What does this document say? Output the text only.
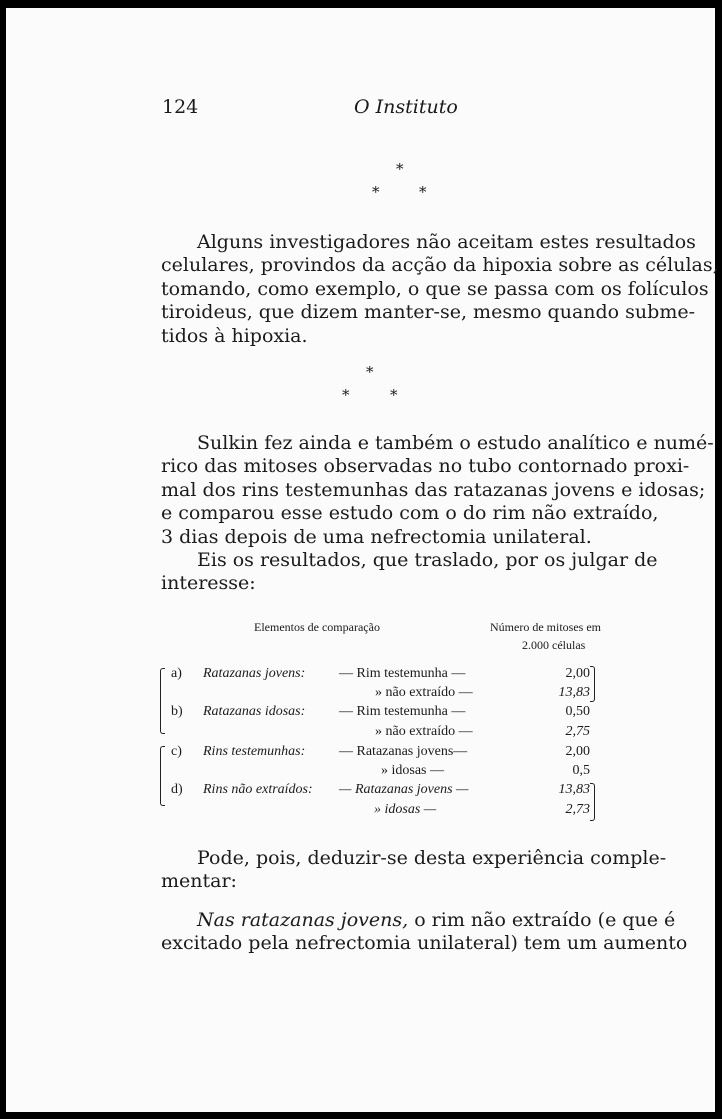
124	O Instituto
*
*	*
Alguns investigadores não aceitam estes resultados
celulares, provindos da acção da hipoxia sobre as células,
tomando, como exemplo, o que se passa com os folículos
tiroideus, que dizem manter-se, mesmo quando subme-
tidos à hipoxia.
*
*	*
Sulkin fez ainda e também o estudo analítico e numé-
rico das mitoses observadas no tubo contornado proxi-
mal dos rins testemunhas das ratazanas jovens e idosas;
e comparou esse estudo com o do rim não extraído,
3 dias depois de uma nefrectomia unilateral.
Eis os resultados, que traslado, por os julgar de
interesse:
Elementos de comparação	Número de mitoses em
2.000 células
a) Ratazanas jovens: — Rim testemunha —	2,00
» não extraído —	13,83
b) Ratazanas idosas: — Rim testemunha —	0,50
» não extraído —	2,75
c) Rins testemunhas: — Ratazanas jovens—	2,00
» idosas —	0,5
d) Rins não extraídos: — Ratazanas jovens —	13,83
» idosas —	2,73
Pode, pois, deduzir-se desta experiência comple-
mentar:
Nas ratazanas jovens, o rim não extraído (e que é
excitado pela nefrectomia unilateral) tem um aumento
